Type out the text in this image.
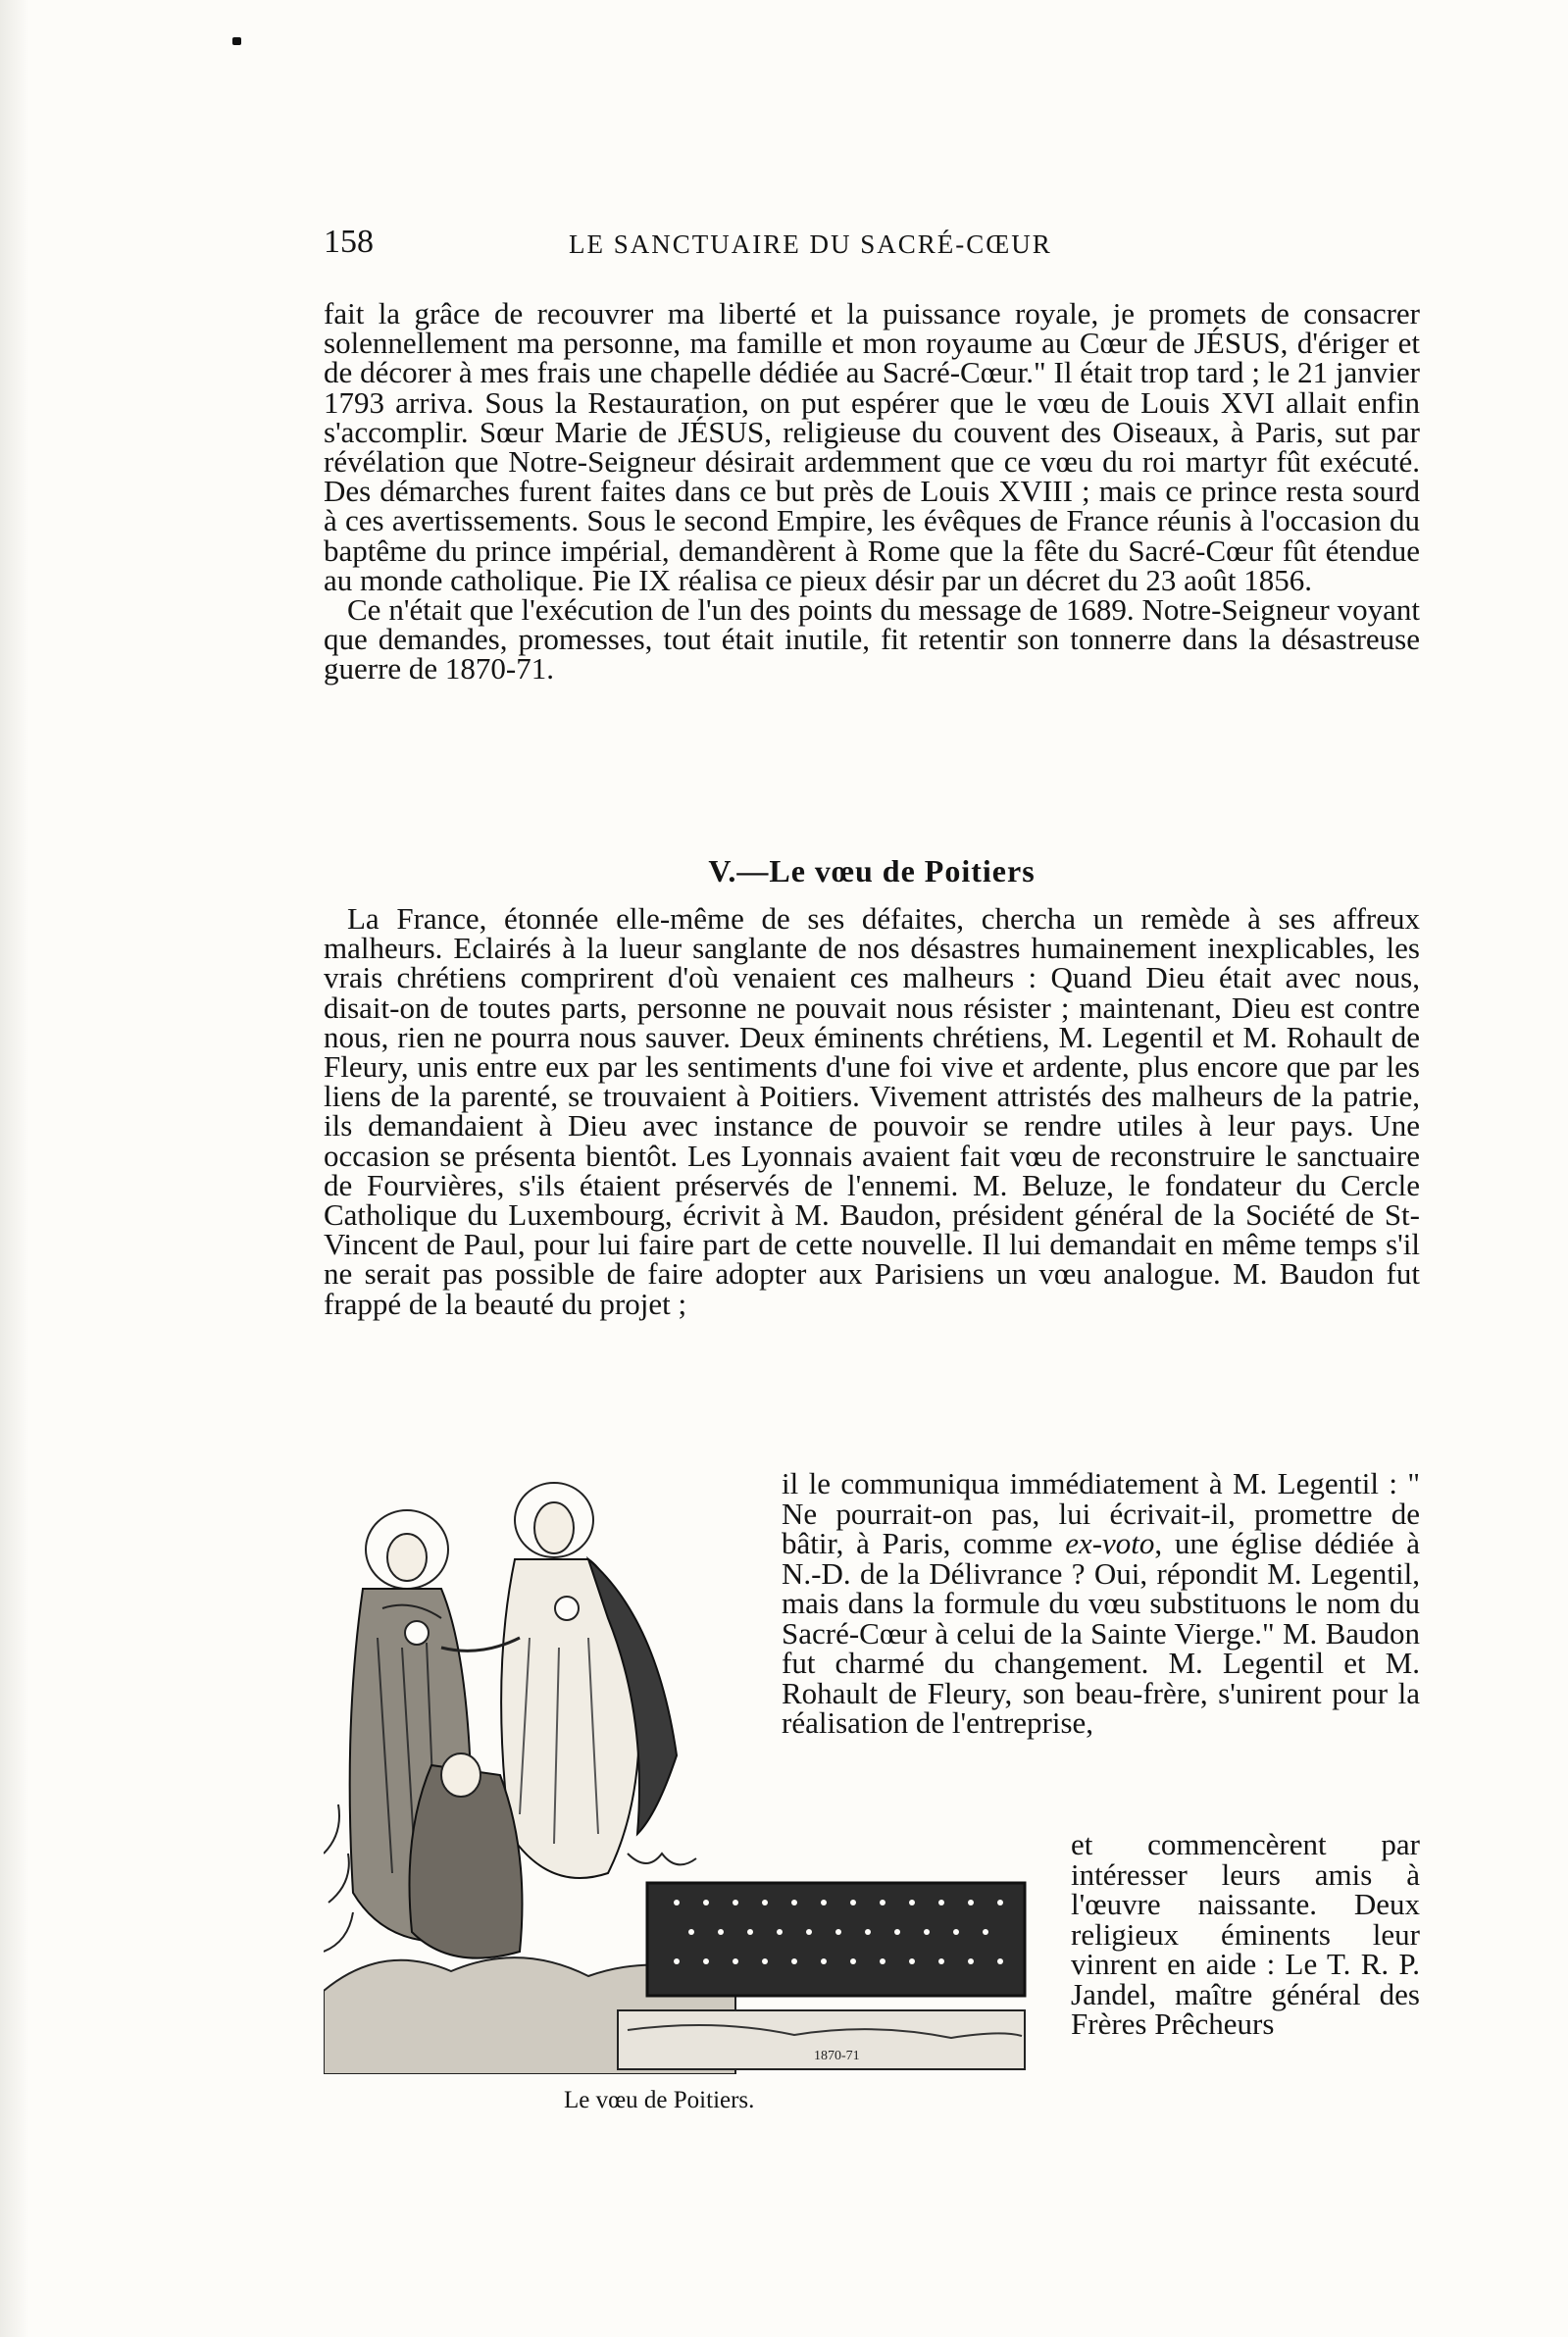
158	LE SANCTUAIRE DU SACRÉ-CŒUR

fait la grâce de recouvrer ma liberté et la puissance royale, je promets de consacrer solennellement ma personne, ma famille et mon royaume au Cœur de JÉSUS, d'ériger et de décorer à mes frais une chapelle dédiée au Sacré-Cœur." Il était trop tard ; le 21 janvier 1793 arriva. Sous la Restauration, on put espérer que le vœu de Louis XVI allait enfin s'accomplir. Sœur Marie de JÉSUS, religieuse du couvent des Oiseaux, à Paris, sut par révélation que Notre-Seigneur désirait ardemment que ce vœu du roi martyr fût exécuté. Des démarches furent faites dans ce but près de Louis XVIII ; mais ce prince resta sourd à ces avertissements. Sous le second Empire, les évêques de France réunis à l'occasion du baptême du prince impérial, demandèrent à Rome que la fête du Sacré-Cœur fût étendue au monde catholique. Pie IX réalisa ce pieux désir par un décret du 23 août 1856.

Ce n'était que l'exécution de l'un des points du message de 1689. Notre-Seigneur voyant que demandes, promesses, tout était inutile, fit retentir son tonnerre dans la désastreuse guerre de 1870-71.

V.—Le vœu de Poitiers

La France, étonnée elle-même de ses défaites, chercha un remède à ses affreux malheurs. Eclairés à la lueur sanglante de nos désastres humainement inexplicables, les vrais chrétiens comprirent d'où venaient ces malheurs : Quand Dieu était avec nous, disait-on de toutes parts, personne ne pouvait nous résister ; maintenant, Dieu est contre nous, rien ne pourra nous sauver. Deux éminents chrétiens, M. Legentil et M. Rohault de Fleury, unis entre eux par les sentiments d'une foi vive et ardente, plus encore que par les liens de la parenté, se trouvaient à Poitiers. Vivement attristés des malheurs de la patrie, ils demandaient à Dieu avec instance de pouvoir se rendre utiles à leur pays. Une occasion se présenta bientôt. Les Lyonnais avaient fait vœu de reconstruire le sanctuaire de Fourvières, s'ils étaient préservés de l'ennemi. M. Beluze, le fondateur du Cercle Catholique du Luxembourg, écrivit à M. Baudon, président général de la Société de St-Vincent de Paul, pour lui faire part de cette nouvelle. Il lui demandait en même temps s'il ne serait pas possible de faire adopter aux Parisiens un vœu analogue. M. Baudon fut frappé de la beauté du projet ;

il le communiqua immédiatement à M. Legentil : " Ne pourrait-on pas, lui écrivait-il, promettre de bâtir, à Paris, comme ex-voto, une église dédiée à N.-D. de la Délivrance ? Oui, répondit M. Legentil, mais dans la formule du vœu substituons le nom du Sacré-Cœur à celui de la Sainte Vierge." M. Baudon fut charmé du changement. M. Legentil et M. Rohault de Fleury, son beau-frère, s'unirent pour la réalisation de l'entreprise,
et commencèrent par intéresser leurs amis à l'œuvre naissante. Deux religieux éminents leur vinrent en aide : Le T. R. P. Jandel, maître général des Frères Prêcheurs
1870-71
Le vœu de Poitiers.
